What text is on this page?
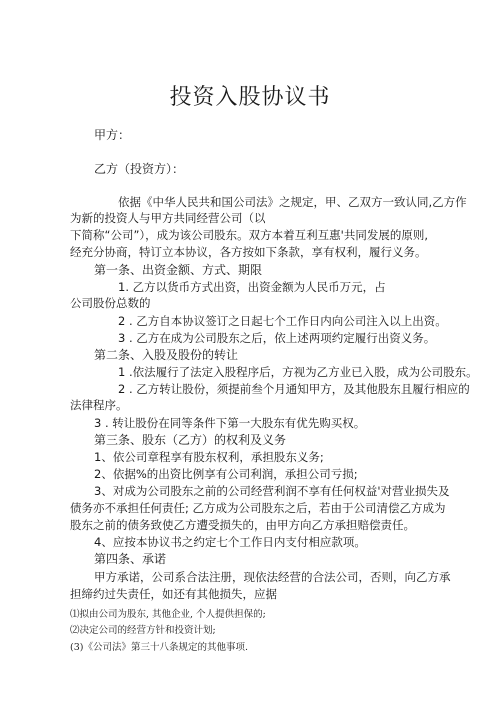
投资入股协议书
甲方：
乙方（投资方）：
依据《中华人民共和国公司法》之规定，甲、乙双方一致认同,乙方作
为新的投资人与甲方共同经营公司（以
下简称“公司”），成为该公司股东。双方本着互利互惠'共同发展的原则,
经充分协商，特订立本协议，各方按如下条款，享有权利，履行义务。
第一条、出资金额、方式、期限
1. 乙方以货币方式出资，出资金额为人民币万元，占
公司股份总数的
2 . 乙方自本协议签订之日起七个工作日内向公司注入以上出资。
3 . 乙方在成为公司股东之后，依上述两项约定履行出资义务。
第二条、入股及股份的转让
1 .依法履行了法定入股程序后，方视为乙方业已入股，成为公司股东。
2 . 乙方转让股份，须提前叁个月通知甲方，及其他股东且履行相应的
法律程序。
3 . 转让股份在同等条件下第一大股东有优先购买权。
第三条、股东（乙方）的权利及义务
1、依公司章程享有股东权利，承担股东义务;
2、依据%的出资比例享有公司利润，承担公司亏损;
3、对成为公司股东之前的公司经营利润不享有任何权益'对营业损失及
债务亦不承担任何责任; 乙方成为公司股东之后，若由于公司清偿乙方成为
股东之前的债务致使乙方遭受损失的，由甲方向乙方承担赔偿责任。
4、应按本协议书之约定七个工作日内支付相应款项。
第四条、承诺
甲方承诺，公司系合法注册，现依法经营的合法公司，否则，向乙方承
担缔约过失责任，如还有其他损失，应据
⑴拟由公司为股东, 其他企业, 个人提供担保的;
⑵决定公司的经营方针和投资计划;
(3)《公司法》第三十八条规定的其他事项.
